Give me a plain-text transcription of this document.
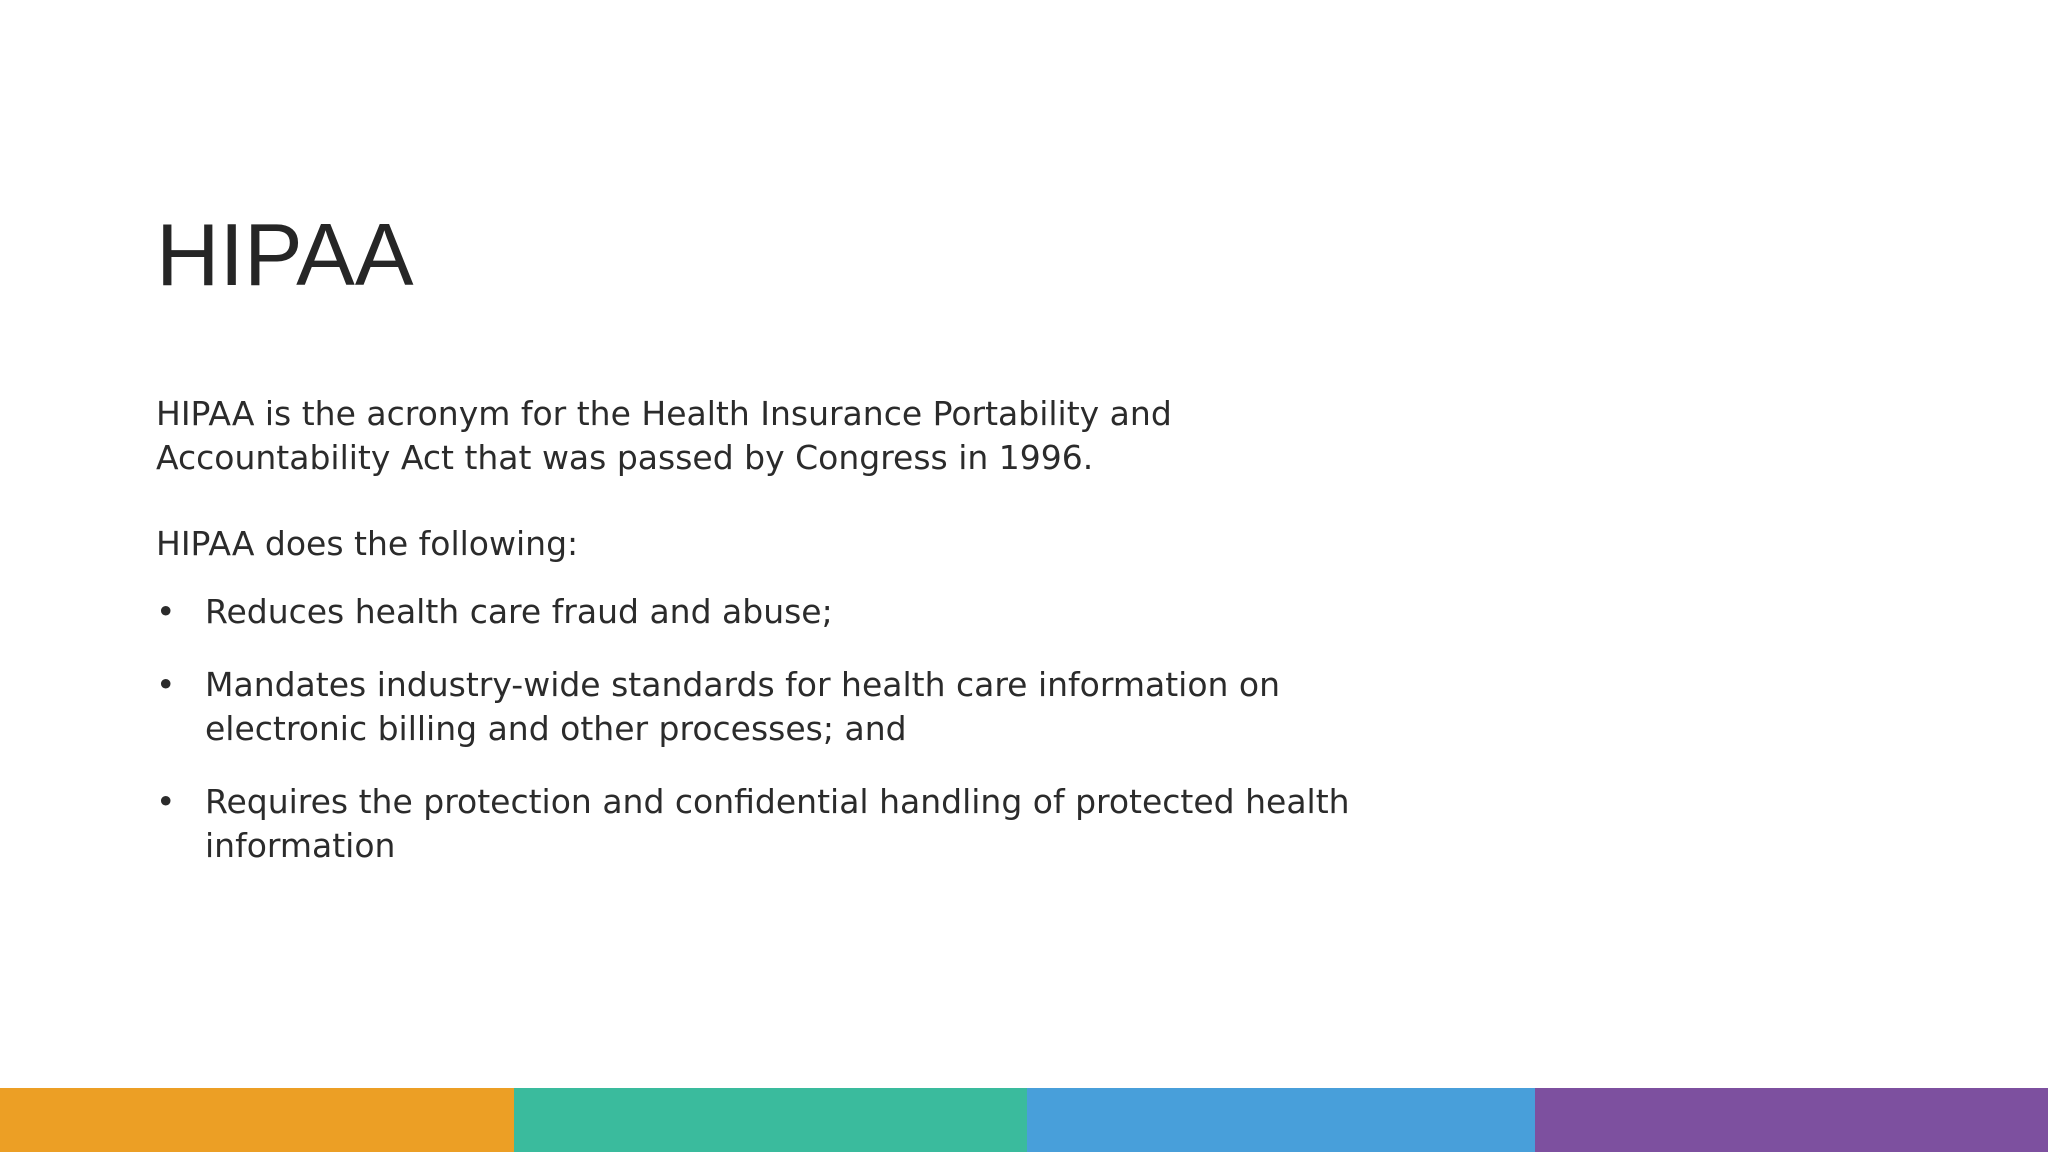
HIPAA

HIPAA is the acronym for the Health Insurance Portability and Accountability Act that was passed by Congress in 1996.

HIPAA does the following:

• Reduces health care fraud and abuse;
• Mandates industry-wide standards for health care information on electronic billing and other processes; and
• Requires the protection and confidential handling of protected health information
